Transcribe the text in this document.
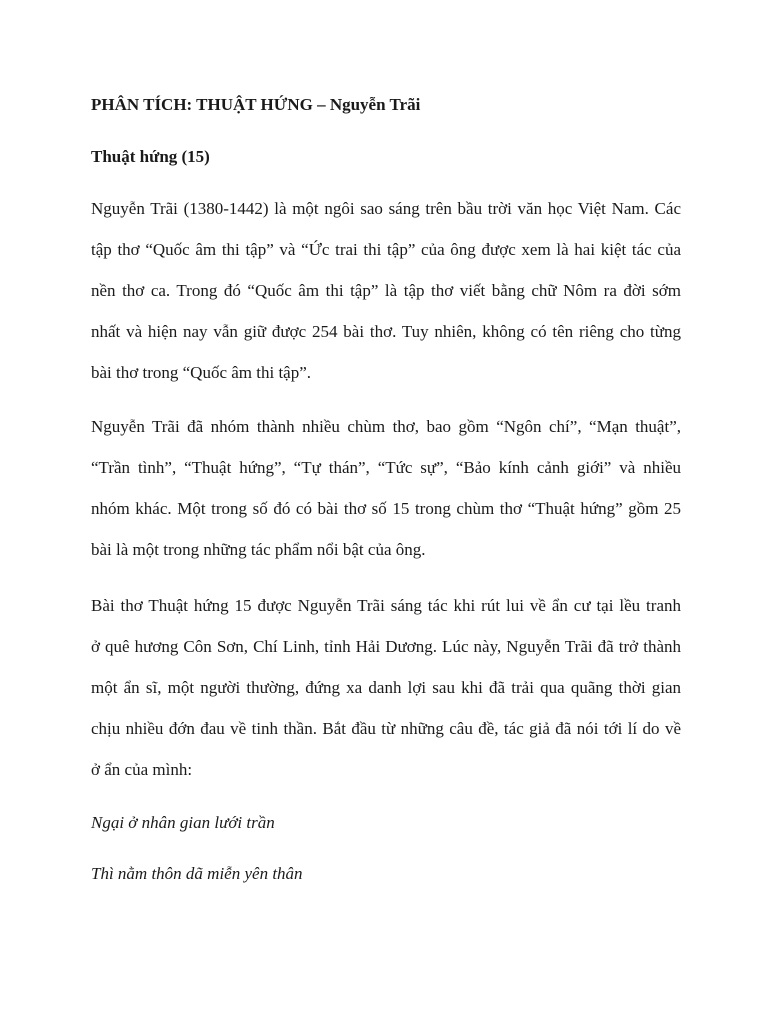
PHÂN TÍCH: THUẬT HỨNG – Nguyễn Trãi
Thuật hứng (15)

Nguyễn Trãi (1380-1442) là một ngôi sao sáng trên bầu trời văn học Việt Nam. Các
tập thơ “Quốc âm thi tập” và “Ức trai thi tập” của ông được xem là hai kiệt tác của
nền thơ ca. Trong đó “Quốc âm thi tập” là tập thơ viết bằng chữ Nôm ra đời sớm
nhất và hiện nay vẫn giữ được 254 bài thơ. Tuy nhiên, không có tên riêng cho từng
bài thơ trong “Quốc âm thi tập”.

Nguyễn Trãi đã nhóm thành nhiều chùm thơ, bao gồm “Ngôn chí”, “Mạn thuật”,
“Trần tình”, “Thuật hứng”, “Tự thán”, “Tức sự”, “Bảo kính cảnh giới” và nhiều
nhóm khác. Một trong số đó có bài thơ số 15 trong chùm thơ “Thuật hứng” gồm 25
bài là một trong những tác phẩm nổi bật của ông.

Bài thơ Thuật hứng 15 được Nguyễn Trãi sáng tác khi rút lui về ẩn cư tại lều tranh
ở quê hương Côn Sơn, Chí Linh, tỉnh Hải Dương. Lúc này, Nguyễn Trãi đã trở thành
một ẩn sĩ, một người thường, đứng xa danh lợi sau khi đã trải qua quãng thời gian
chịu nhiều đớn đau về tinh thần. Bắt đầu từ những câu đề, tác giả đã nói tới lí do về
ở ẩn của mình:

Ngại ở nhân gian lưới trần

Thì nằm thôn dã miễn yên thân
